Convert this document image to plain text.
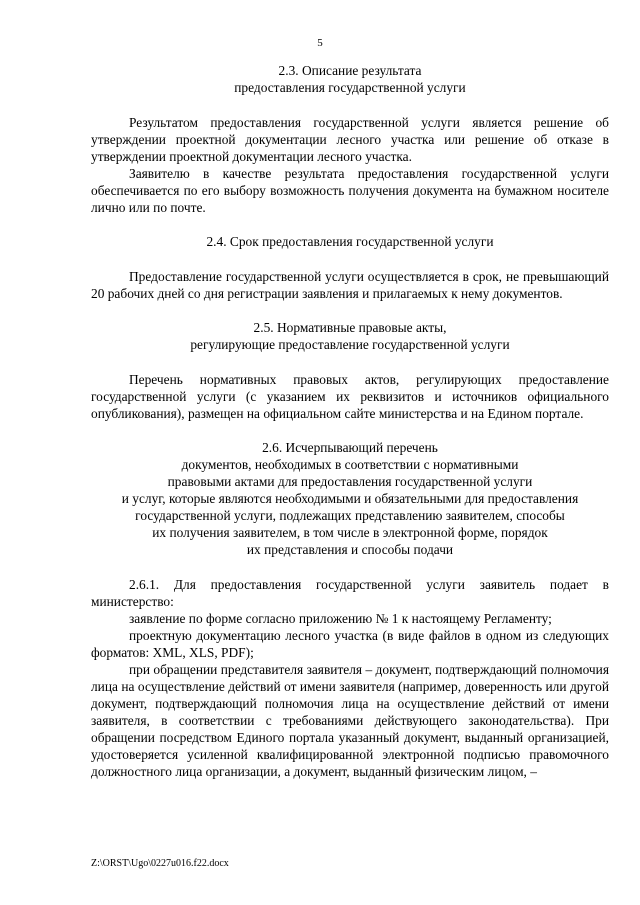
5
2.3. Описание результата
предоставления государственной услуги

Результатом предоставления государственной услуги является решение об утверждении проектной документации лесного участка или решение об отказе в утверждении проектной документации лесного участка.

Заявителю в качестве результата предоставления государственной услуги обеспечивается по его выбору возможность получения документа на бумажном носителе лично или по почте.

2.4. Срок предоставления государственной услуги

Предоставление государственной услуги осуществляется в срок, не превышающий 20 рабочих дней со дня регистрации заявления и прилагаемых к нему документов.

2.5. Нормативные правовые акты,
регулирующие предоставление государственной услуги

Перечень нормативных правовых актов, регулирующих предоставление государственной услуги (с указанием их реквизитов и источников официального опубликования), размещен на официальном сайте министерства и на Едином портале.

2.6. Исчерпывающий перечень
документов, необходимых в соответствии с нормативными
правовыми актами для предоставления государственной услуги
и услуг, которые являются необходимыми и обязательными для предоставления
государственной услуги, подлежащих представлению заявителем, способы
их получения заявителем, в том числе в электронной форме, порядок
их представления и способы подачи

2.6.1. Для предоставления государственной услуги заявитель подает в министерство:

заявление по форме согласно приложению № 1 к настоящему Регламенту;

проектную документацию лесного участка (в виде файлов в одном из следующих форматов: XML, XLS, PDF);

при обращении представителя заявителя – документ, подтверждающий полномочия лица на осуществление действий от имени заявителя (например, доверенность или другой документ, подтверждающий полномочия лица на осуществление действий от имени заявителя, в соответствии с требованиями действующего законодательства). При обращении посредством Единого портала указанный документ, выданный организацией, удостоверяется усиленной квалифицированной электронной подписью правомочного должностного лица организации, а документ, выданный физическим лицом, –

Z:\ORST\Ugo\0227u016.f22.docx
